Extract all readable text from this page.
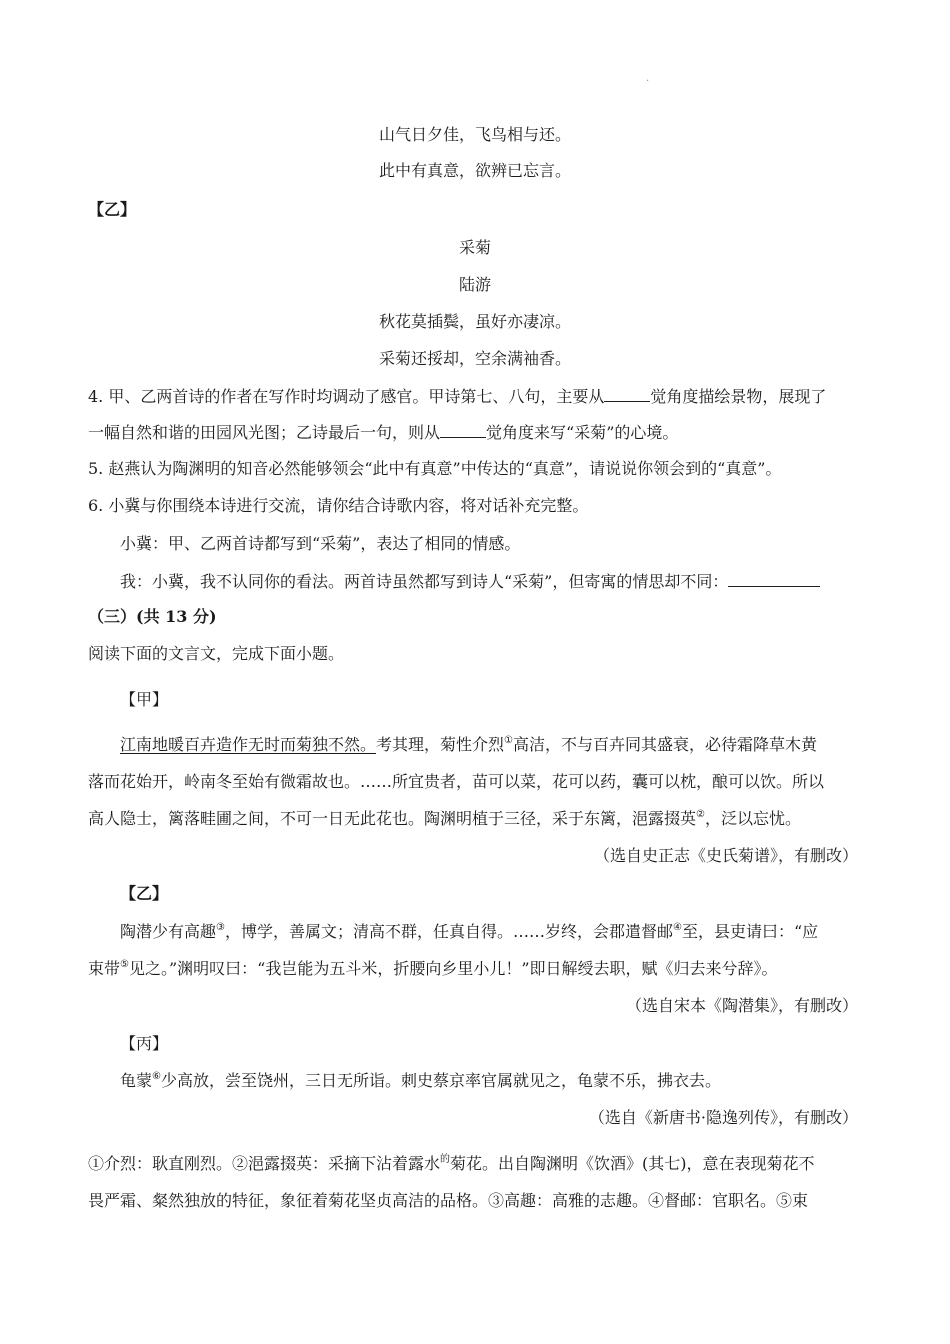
.
山气日夕佳，飞鸟相与还。
此中有真意，欲辨已忘言。
【乙】
采菊
陆游
秋花莫插鬓，虽好亦凄凉。
采菊还挼却，空余满袖香。
4. 甲、乙两首诗的作者在写作时均调动了感官。甲诗第七、八句，主要从	觉角度描绘景物，展现了
一幅自然和谐的田园风光图；乙诗最后一句，则从	觉角度来写“采菊”的心境。
5. 赵燕认为陶渊明的知音必然能够领会“此中有真意”中传达的“真意”，请说说你领会到的“真意”。
6. 小冀与你围绕本诗进行交流，请你结合诗歌内容，将对话补充完整。
小冀：甲、乙两首诗都写到“采菊”，表达了相同的情感。
我：小冀，我不认同你的看法。两首诗虽然都写到诗人“采菊”，但寄寓的情思却不同：
（三）(共 13 分)
阅读下面的文言文，完成下面小题。
【甲】
江南地暖百卉造作无时而菊独不然。考其理，菊性介烈①高洁，不与百卉同其盛衰，必待霜降草木黄
落而花始开，岭南冬至始有微霜故也。……所宜贵者，苗可以菜，花可以药，囊可以枕，酿可以饮。所以
高人隐士，篱落畦圃之间，不可一日无此花也。陶渊明植于三径，采于东篱，浥露掇英②，泛以忘忧。
（选自史正志《史氏菊谱》，有删改）
【乙】
陶潜少有高趣③，博学，善属文；清高不群，任真自得。……岁终，会郡遣督邮④至，县吏请曰：“应
束带⑤见之。”渊明叹曰：“我岂能为五斗米，折腰向乡里小儿！”即日解绶去职，赋《归去来兮辞》。
（选自宋本《陶潜集》，有删改）
【丙】
龟蒙⑥少高放，尝至饶州，三日无所诣。刺史蔡京率官属就见之，龟蒙不乐，拂衣去。
（选自《新唐书·隐逸列传》，有删改）
①介烈：耿直刚烈。②浥露掇英：采摘下沾着露水$^的$菊花。出自陶渊明《饮酒》(其七)，意在表现菊花不
畏严霜、粲然独放的特征，象征着菊花坚贞高洁的品格。③高趣：高雅的志趣。④督邮：官职名。⑤束
